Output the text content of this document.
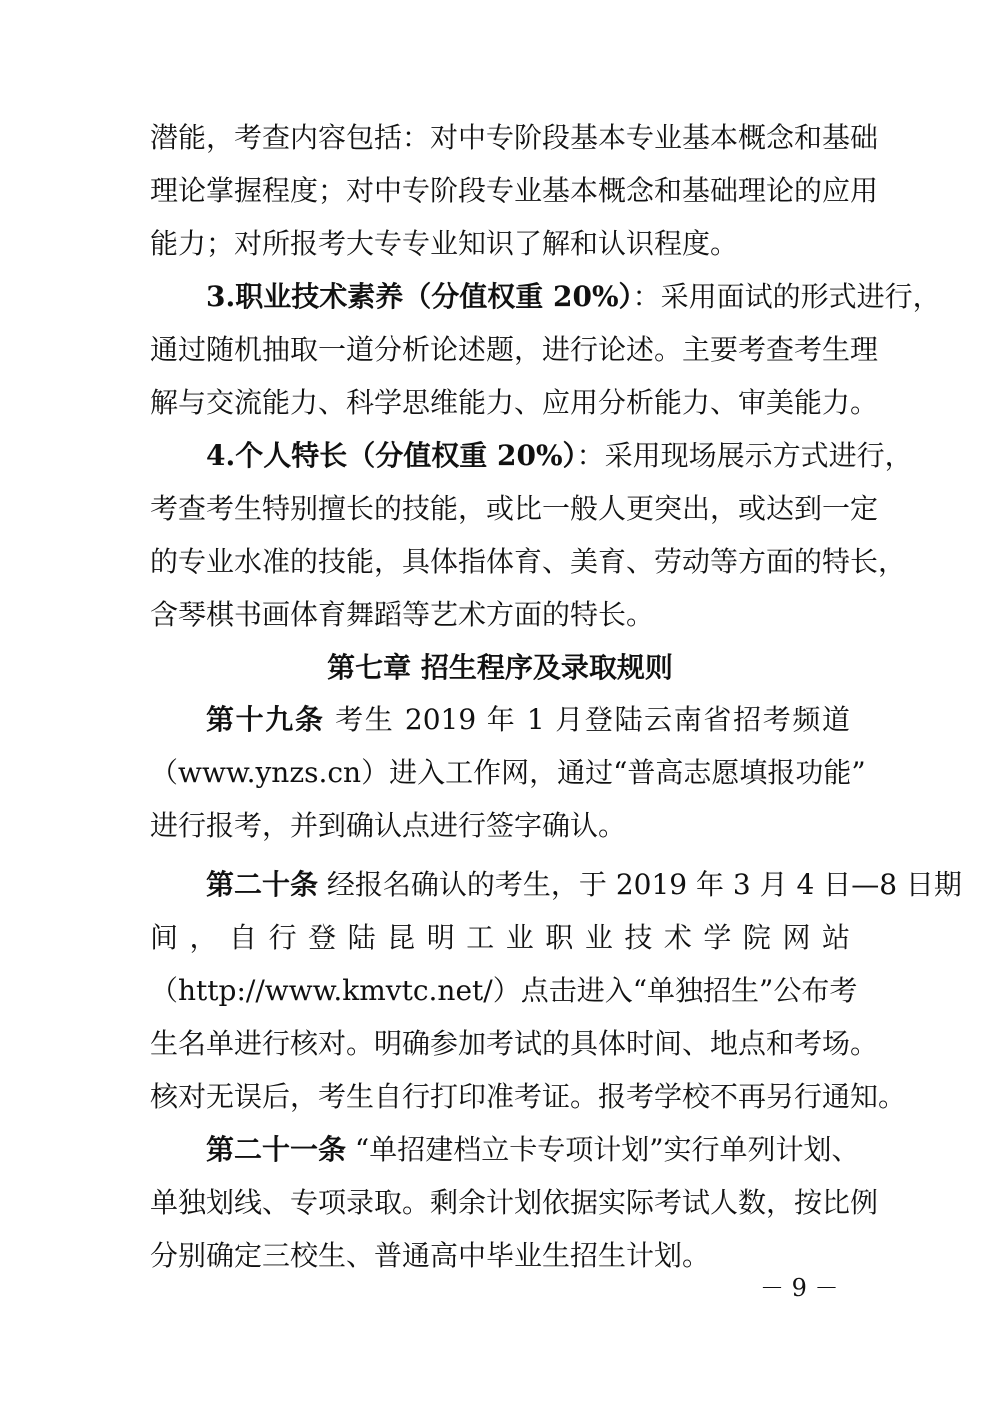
潜能，考查内容包括：对中专阶段基本专业基本概念和基础
理论掌握程度；对中专阶段专业基本概念和基础理论的应用
能力；对所报考大专专业知识了解和认识程度。
3.职业技术素养（分值权重 20%）：采用面试的形式进行，
通过随机抽取一道分析论述题，进行论述。主要考查考生理
解与交流能力、科学思维能力、应用分析能力、审美能力。
4.个人特长（分值权重 20%）：采用现场展示方式进行，
考查考生特别擅长的技能，或比一般人更突出，或达到一定
的专业水准的技能，具体指体育、美育、劳动等方面的特长，
含琴棋书画体育舞蹈等艺术方面的特长。
第七章 招生程序及录取规则
第十九条 考生 2019 年 1 月登陆云南省招考频道
（www.ynzs.cn）进入工作网，通过“普高志愿填报功能”
进行报考，并到确认点进行签字确认。
第二十条 经报名确认的考生，于 2019 年 3 月 4 日—8 日期
间，自行登陆昆明工业职业技术学院网站
（http://www.kmvtc.net/）点击进入“单独招生”公布考
生名单进行核对。明确参加考试的具体时间、地点和考场。
核对无误后，考生自行打印准考证。报考学校不再另行通知。
第二十一条 “单招建档立卡专项计划”实行单列计划、
单独划线、专项录取。剩余计划依据实际考试人数，按比例
分别确定三校生、普通高中毕业生招生计划。
－ 9 －
